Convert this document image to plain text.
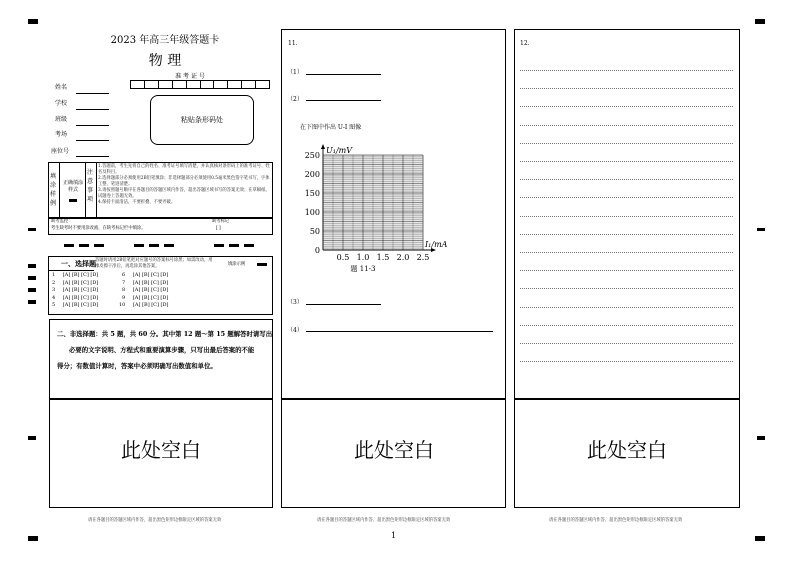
2023 年高三年级答题卡
物 理
准 考 证 号
姓名
学校
班级
考场
座位号
粘贴条形码处
填涂样例
正确填涂样式
注意事项
1.答题前，考生先将自己的姓名、准考证号填写清楚，并认真核对条形码上的准考证号、姓名及科目。
2.选择题部分必须使用2B铅笔填涂；非选择题部分必须使用0.5毫米黑色签字笔书写，字体工整、笔迹清楚。
3.请按照题号顺序在各题目的答题区域内作答，超出答题区域书写的答案无效；在草稿纸、试题卷上答题无效。
4.保持卡面清洁，不要折叠、不要弄破。
缺考监控：
考生缺考时不要用涂改液，在缺考标记栏中填涂。
缺考标记
[ ]
一、选择题 答题时请用2B铅笔把对应题号的答案标号涂黑；如需改动，用橡皮擦干净后，再选涂其他答案。	填涂示例
1 [A] [B] [C] [D]
2 [A] [B] [C] [D]
3 [A] [B] [C] [D]
4 [A] [B] [C] [D]
5 [A] [B] [C] [D]
6 [A] [B] [C] [D]
7 [A] [B] [C] [D]
8 [A] [B] [C] [D]
9 [A] [B] [C] [D]
10 [A] [B] [C] [D]
二、非选择题：共 5 题，共 60 分。其中第 12 题～第 15 题解答时请写出
必要的文字说明、方程式和重要演算步骤，只写出最后答案的不能
得分；有数值计算时，答案中必须明确写出数值和单位。
此处空白
请在各题目的答题区域内作答，超出黑色矩形边框限定区域的答案无效
11.
（1）
（2）
在下图中作出 U-I 图像
0
50
100
150
200
250
0.5 1.0 1.5 2.0 2.5
U₁/mV
I₁/mA
题 11-3
（3）
（4）
此处空白
请在各题目的答题区域内作答，超出黑色矩形边框限定区域的答案无效
1
12.
此处空白
请在各题目的答题区域内作答，超出黑色矩形边框限定区域的答案无效
